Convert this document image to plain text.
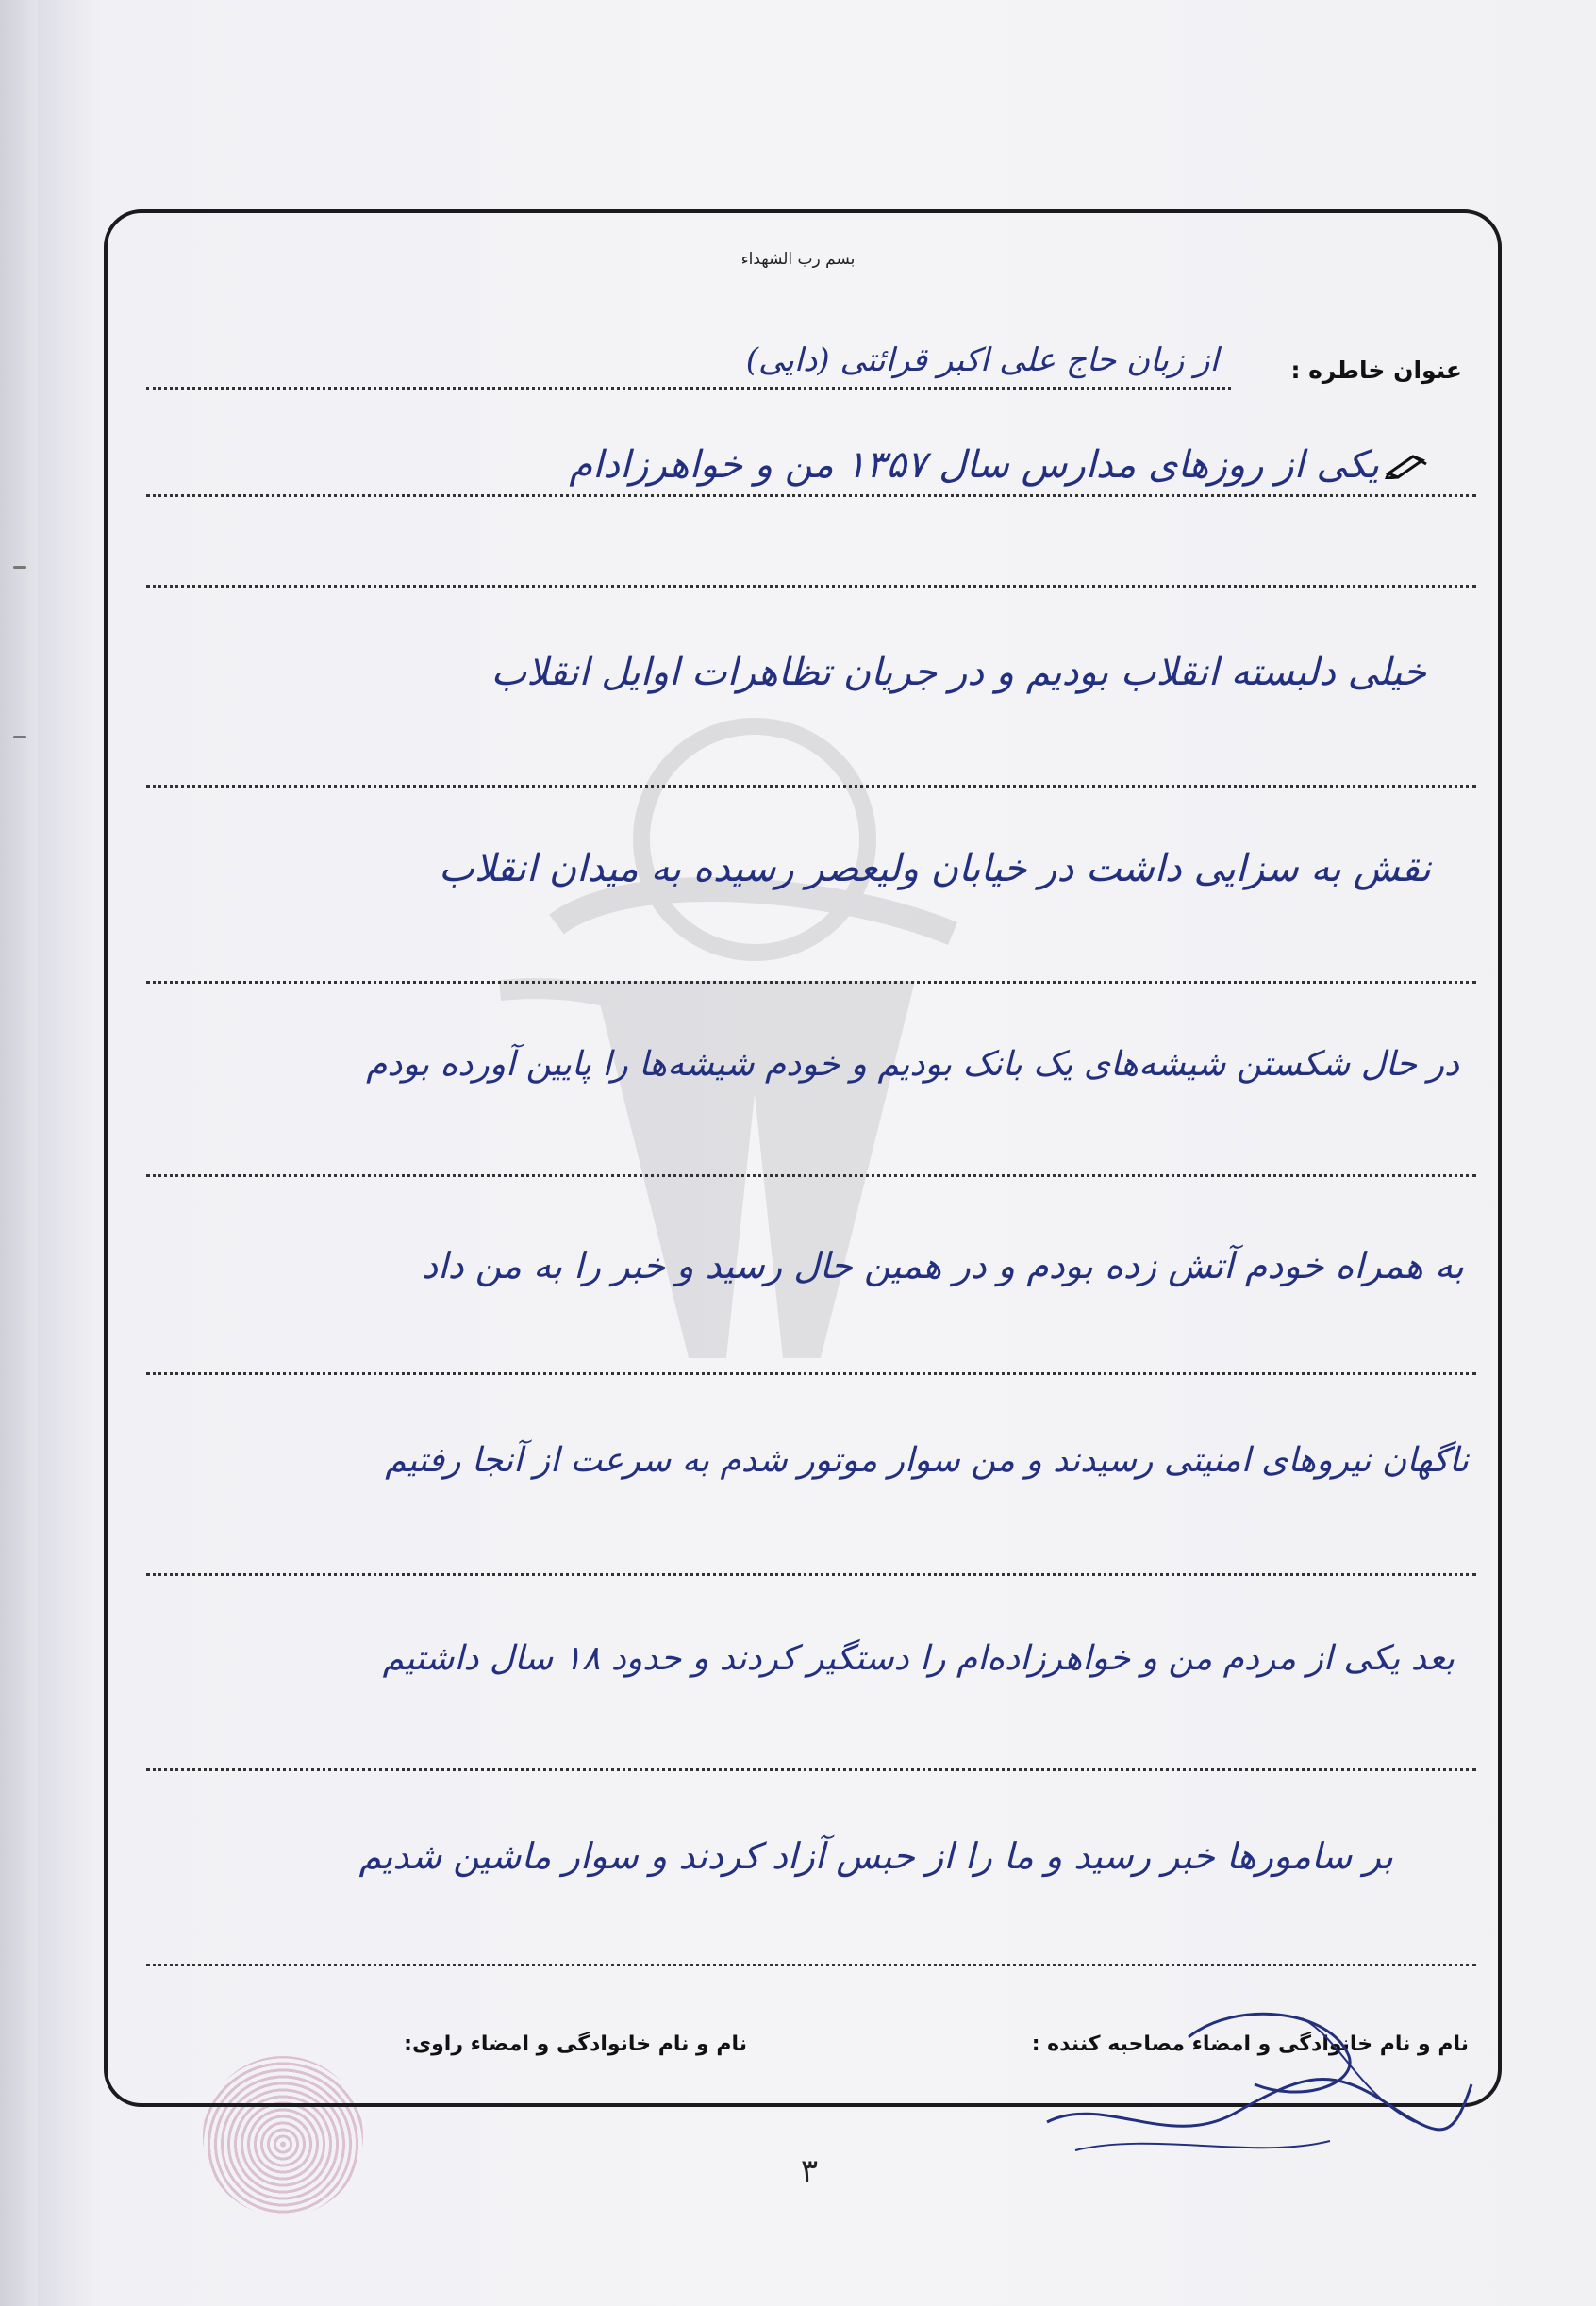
بسم رب الشهداء
عنوان خاطره :
از زبان حاج علی اکبر قرائتی (دایی)
یکی از روزهای مدارس سال ۱۳۵۷ من و خواهرزادام
خیلی دلبسته انقلاب بودیم و در جریان تظاهرات اوایل انقلاب
نقش به سزایی داشت در خیابان ولیعصر رسیده به میدان انقلاب
در حال شکستن شیشه‌های یک بانک بودیم و خودم شیشه‌ها را پایین آورده بودم
به همراه خودم آتش زده بودم و در همین حال رسید و خبر را به من داد
ناگهان نیروهای امنیتی رسیدند و من سوار موتور شدم به سرعت از آنجا رفتیم
بعد یکی از مردم من و خواهرزاده‌ام را دستگیر کردند و حدود ۱۸ سال داشتیم
بر سامورها خبر رسید و ما را از حبس آزاد کردند و سوار ماشین شدیم
نام و نام خانوادگی و امضاء مصاحبه کننده :
نام و نام خانوادگی و امضاء راوی:
۳
